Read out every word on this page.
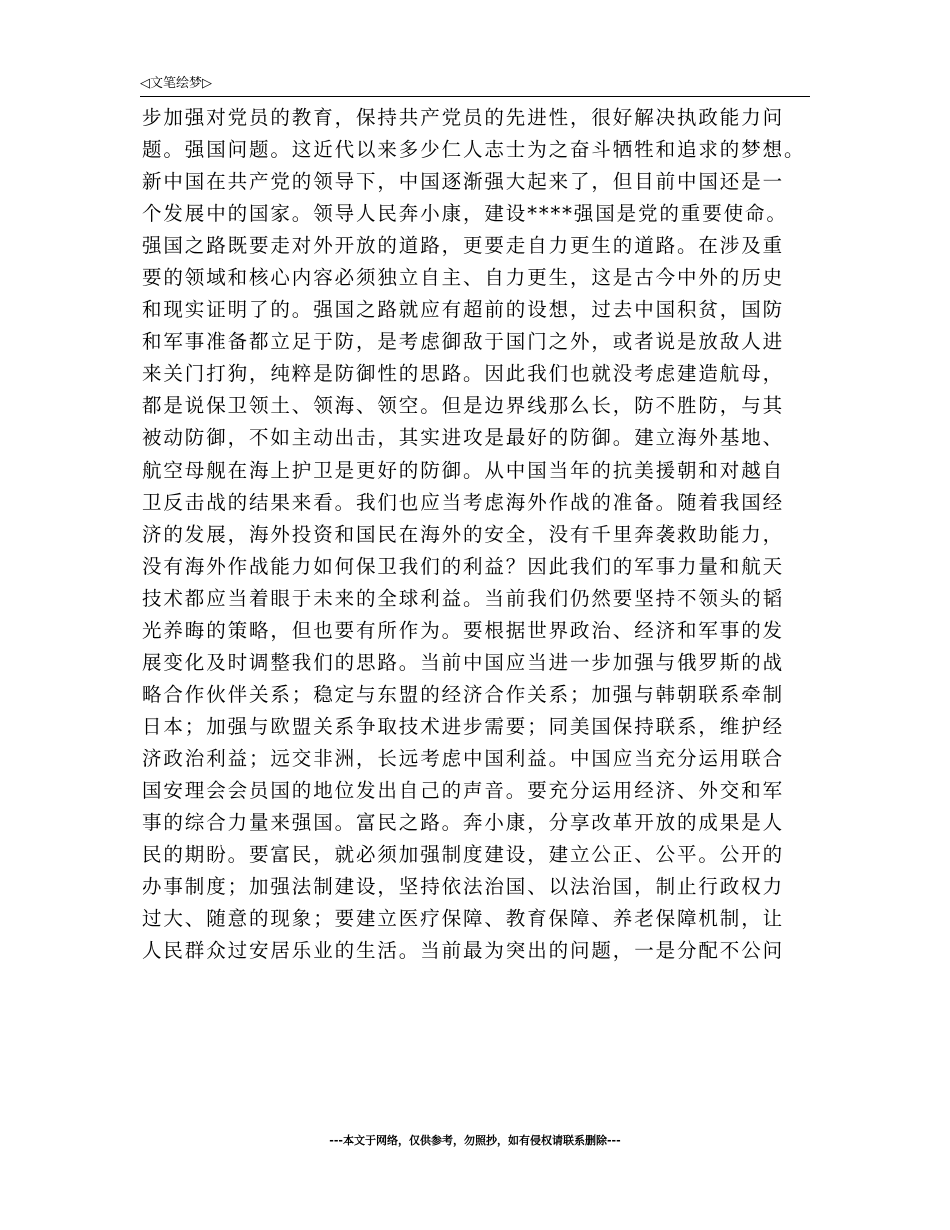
◁文笔绘梦▷
步加强对党员的教育，保持共产党员的先进性，很好解决执政能力问
题。强国问题。这近代以来多少仁人志士为之奋斗牺牲和追求的梦想。
新中国在共产党的领导下，中国逐渐强大起来了，但目前中国还是一
个发展中的国家。领导人民奔小康，建设****强国是党的重要使命。
强国之路既要走对外开放的道路，更要走自力更生的道路。在涉及重
要的领域和核心内容必须独立自主、自力更生，这是古今中外的历史
和现实证明了的。强国之路就应有超前的设想，过去中国积贫，国防
和军事准备都立足于防，是考虑御敌于国门之外，或者说是放敌人进
来关门打狗，纯粹是防御性的思路。因此我们也就没考虑建造航母，
都是说保卫领土、领海、领空。但是边界线那么长，防不胜防，与其
被动防御，不如主动出击，其实进攻是最好的防御。建立海外基地、
航空母舰在海上护卫是更好的防御。从中国当年的抗美援朝和对越自
卫反击战的结果来看。我们也应当考虑海外作战的准备。随着我国经
济的发展，海外投资和国民在海外的安全，没有千里奔袭救助能力，
没有海外作战能力如何保卫我们的利益？因此我们的军事力量和航天
技术都应当着眼于未来的全球利益。当前我们仍然要坚持不领头的韬
光养晦的策略，但也要有所作为。要根据世界政治、经济和军事的发
展变化及时调整我们的思路。当前中国应当进一步加强与俄罗斯的战
略合作伙伴关系；稳定与东盟的经济合作关系；加强与韩朝联系牵制
日本；加强与欧盟关系争取技术进步需要；同美国保持联系，维护经
济政治利益；远交非洲，长远考虑中国利益。中国应当充分运用联合
国安理会会员国的地位发出自己的声音。要充分运用经济、外交和军
事的综合力量来强国。富民之路。奔小康，分享改革开放的成果是人
民的期盼。要富民，就必须加强制度建设，建立公正、公平。公开的
办事制度；加强法制建设，坚持依法治国、以法治国，制止行政权力
过大、随意的现象；要建立医疗保障、教育保障、养老保障机制，让
人民群众过安居乐业的生活。当前最为突出的问题，一是分配不公问
---本文于网络，仅供参考，勿照抄，如有侵权请联系删除---
